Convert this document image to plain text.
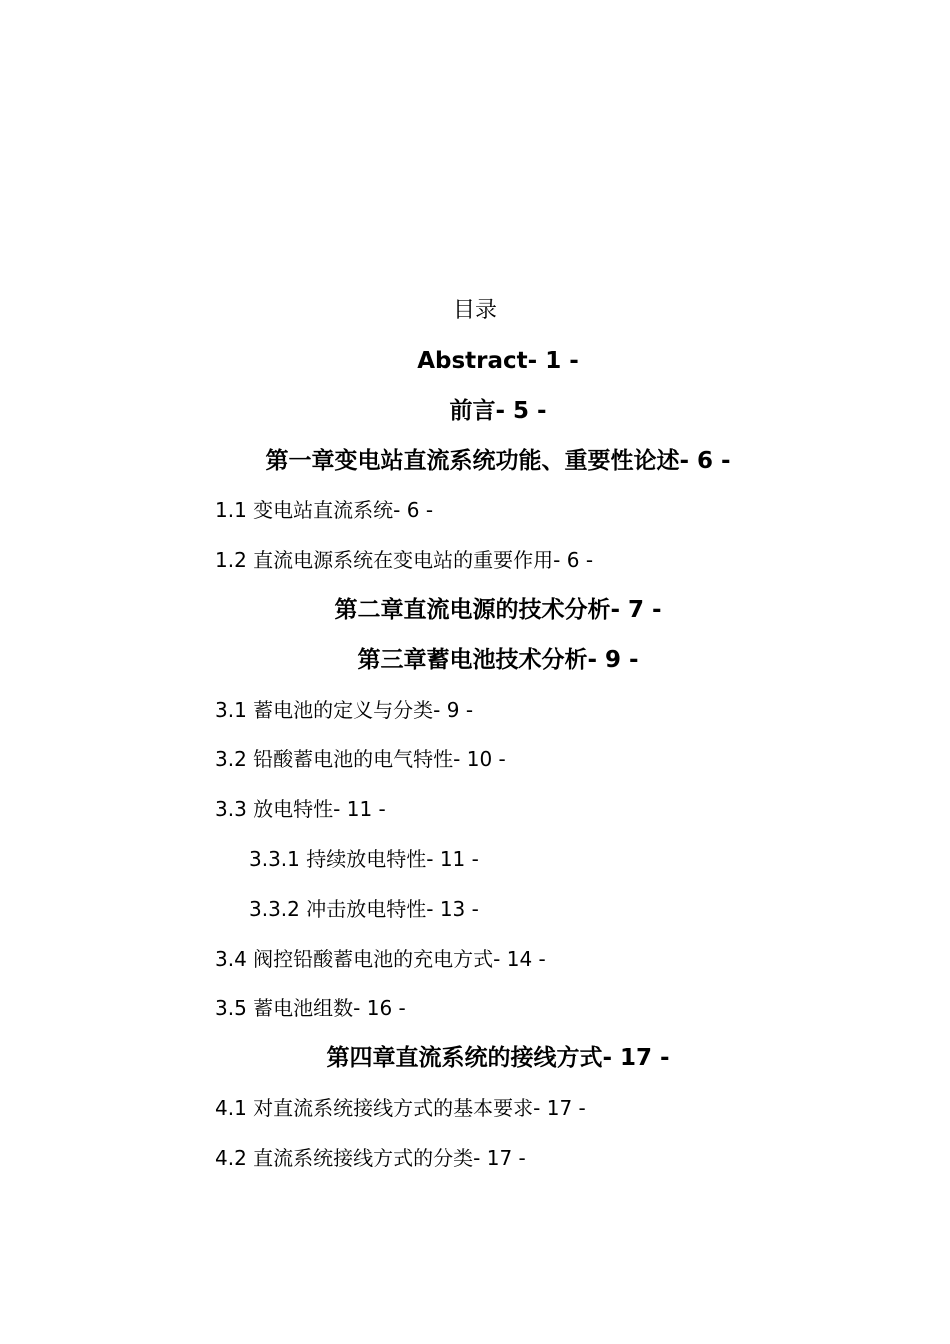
目录
Abstract- 1 -
前言- 5 -
第一章变电站直流系统功能、重要性论述- 6 -
1.1 变电站直流系统- 6 -
1.2 直流电源系统在变电站的重要作用- 6 -
第二章直流电源的技术分析- 7 -
第三章蓄电池技术分析- 9 -
3.1 蓄电池的定义与分类- 9 -
3.2 铅酸蓄电池的电气特性- 10 -
3.3 放电特性- 11 -
3.3.1 持续放电特性- 11 -
3.3.2 冲击放电特性- 13 -
3.4 阀控铅酸蓄电池的充电方式- 14 -
3.5 蓄电池组数- 16 -
第四章直流系统的接线方式- 17 -
4.1 对直流系统接线方式的基本要求- 17 -
4.2 直流系统接线方式的分类- 17 -
